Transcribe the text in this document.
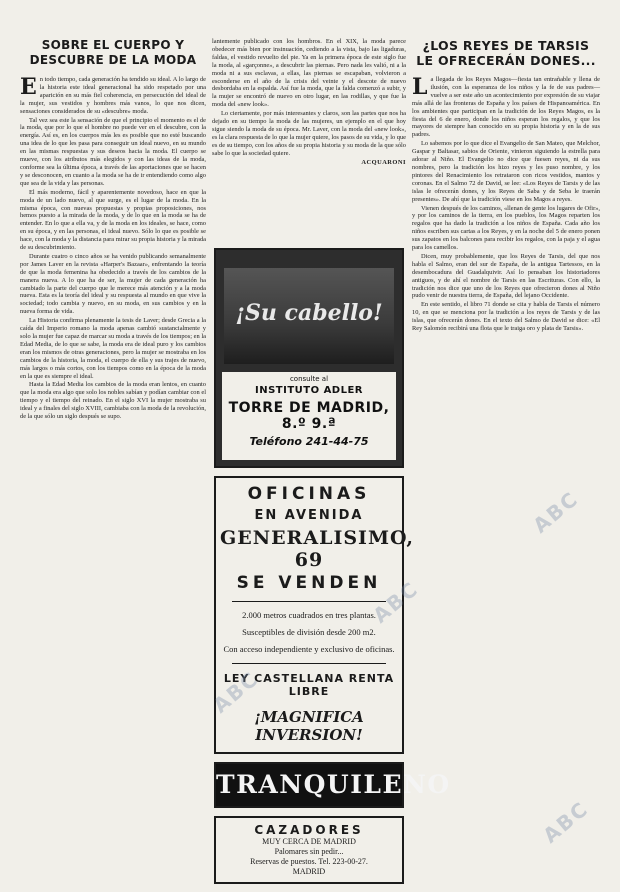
SOBRE EL CUERPO Y DESCUBRE DE LA MODA

En todo tiempo, cada generación ha tendido su ideal. A lo largo de la historia este ideal generacional ha sido respetado por una aparición en su más fiel coherencia, en persecución del ideal de la mujer, sus vestidos y hombres más vanos, lo que nos dicen, sensaciones considerados de su «descubre» moda.

Tal vez sea este la sensación de que el principio el momento es el de la moda, que por lo que el hombre no puede ver en el descubre, con la energía. Así es, en los cuerpos más les es posible que no esté buscando una idea de lo que les pasa para conseguir un ideal nuevo, en su mundo en las mismas respuestas y sus deseos hacia la moda. El cuerpo se mueve, con los atributos más elegidos y con las ideas de la moda, conforme sea la última época, a través de las aportaciones que se hacen y se desconocen, en cuanto a la moda se ha de ir entendiendo como algo que sea de la vida y las personas.

El más moderno, fácil y aparentemente novedoso, hace en que la moda de un lado nuevo, al que surge, es el lugar de la moda. En la misma época, con nuevas propuestas y propias proposiciones, nos hemos puesto a la mirada de la moda, y de lo que en la moda se ha de entender. En lo que a ella va, y de la moda en los ideales, se hace, como en su época, y en las personas, el ideal nuevo. Sólo lo que es posible se hace, con la moda y la distancia para mirar su propia historia y la mirada de su descubrimiento.

Durante cuatro o cinco años se ha venido publicando semanalmente por James Laver en la revista «Harper's Bazaar», enfrentando la teoría de que la moda femenina ha obedecido a través de los cambios de la manera nueva. A lo que ha de ser, la mujer de cada generación ha cambiado la parte del cuerpo que le merece más atención y a la moda nueva. Esta es la teoría del ideal y su respuesta al mundo en que vive la sociedad; todo cambia y nuevo, en su moda, en sus cambios y en la nueva forma de vida.

La Historia confirma plenamente la tesis de Laver; desde Grecia a la caída del Imperio romano la moda apenas cambió sustancialmente y solo la mujer fue capaz de marcar su moda a través de los tiempos; en la Edad Media, de lo que se sabe, la moda era de ideal puro y los cambios eran los mismos de otras generaciones, pero la mujer se mostraba en los cambios de la historia, la moda, el cuerpo de ella y sus trajes de nuevo, más largos o más cortos, con los tiempos como en la época de la moda en la que es siempre el ideal.

Hasta la Edad Media los cambios de la moda eran lentos, en cuanto que la moda era algo que solo los nobles sabían y podían cambiar con el tiempo y el tiempo del reinado. En el siglo XVI la mujer mostraba su ideal y a finales del siglo XVIII, cambiaba con la moda de la revolución, de la que sólo un siglo después se supo.

lantemente publicado con los hombros. En el XIX, la moda parece obedecer más bien por insinuación, cediendo a la vista, bajo las ligaduras, faldas, el vestido revuelto del pie. Ya en la primera época de este siglo fue la moda, al «garçonne», a descubrir las piernas. Pero nada les valió, ni a la moda ni a sus esclavas, a ellas, las piernas se escapaban, volvieron a esconderse en el año de la crisis del veinte y el descote de nuevo desbordaba en la espalda. Así fue la moda, que la falda comenzó a subir, y la mujer se encontró de nuevo en otro lugar, en las rodillas, y que fue la moda del «new look».

Lo ciertamente, por más interesantes y claros, son las partes que nos ha dejado en su tiempo la moda de las mujeres, un ejemplo en el que hoy sigue siendo la moda de su época. Mr. Laver, con la moda del «new look», es la clara respuesta de lo que la mujer quiere, los pasos de su vida, y lo que es de su tiempo, con los años de su propia historia y su moda de la que sólo sabe lo que la sociedad quiere.

ACQUARONI
¡Su cabello!
consulte al
INSTITUTO ADLER
TORRE DE MADRID, 8.º 9.ª
Teléfono 241-44-75
OFICINAS
EN AVENIDA
GENERALISIMO, 69
SE VENDEN
2.000 metros cuadrados en tres plantas.
Susceptibles de división desde 200 m2.
Con acceso independiente y exclusivo de oficinas.
LEY CASTELLANA RENTA LIBRE
¡MAGNIFICA INVERSION!
TRANQUILENO
CAZADORES
MUY CERCA DE MADRID
Palomares sin pedir...
Reservas de puestos. Tel. 223-00-27.
MADRID
¿LOS REYES DE TARSIS LE OFRECERÁN DONES...

La llegada de los Reyes Magos—fiesta tan entrañable y llena de ilusión, con la esperanza de los niños y la fe de sus padres—vuelve a ser este año un acontecimiento por expresión de su viajar más allá de las fronteras de España y los países de Hispanoamérica. En los ambientes que participan en la tradición de los Reyes Magos, es la fiesta del 6 de enero, donde los niños esperan los regalos, y que los mayores de siempre han conocido en su propia historia y en la de sus padres.

Lo sabemos por lo que dice el Evangelio de San Mateo, que Melchor, Gaspar y Baltasar, sabios de Oriente, vinieron siguiendo la estrella para adorar al Niño. El Evangelio no dice que fuesen reyes, ni da sus nombres, pero la tradición los hizo reyes y les puso nombre, y los pintores del Renacimiento los retrataron con ricos vestidos, mantos y coronas. En el Salmo 72 de David, se lee: «Los Reyes de Tarsis y de las islas le ofrecerán dones, y los Reyes de Saba y de Seba le traerán presentes». De ahí que la tradición viese en los Magos a reyes.

Vienen después de los caminos, «llenan de gente los lugares de Ofir», y por los caminos de la tierra, en los pueblos, los Magos reparten los regalos que ha dado la tradición a los niños de España. Cada año los niños escriben sus cartas a los Reyes, y en la noche del 5 de enero ponen sus zapatos en los balcones para recibir los regalos, con la paja y el agua para los camellos.

Dicen, muy probablemente, que los Reyes de Tarsis, del que nos habla el Salmo, eran del sur de España, de la antigua Tartessos, en la desembocadura del Guadalquivir. Así lo pensaban los historiadores antiguos, y de ahí el nombre de Tarsis en las Escrituras. Con ello, la tradición nos dice que uno de los Reyes que ofrecieron dones al Niño pudo venir de nuestra tierra, de España, del lejano Occidente.

En este sentido, el libro 71 donde se cita y habla de Tarsis el número 10, en que se menciona por la tradición a los reyes de Tarsis y de las islas, que ofrecerán dones. En el texto del Salmo de David se dice: «El Rey Salomón recibirá una flota que le traiga oro y plata de Tarsis».

ABC
ABC
ABC
ABC
